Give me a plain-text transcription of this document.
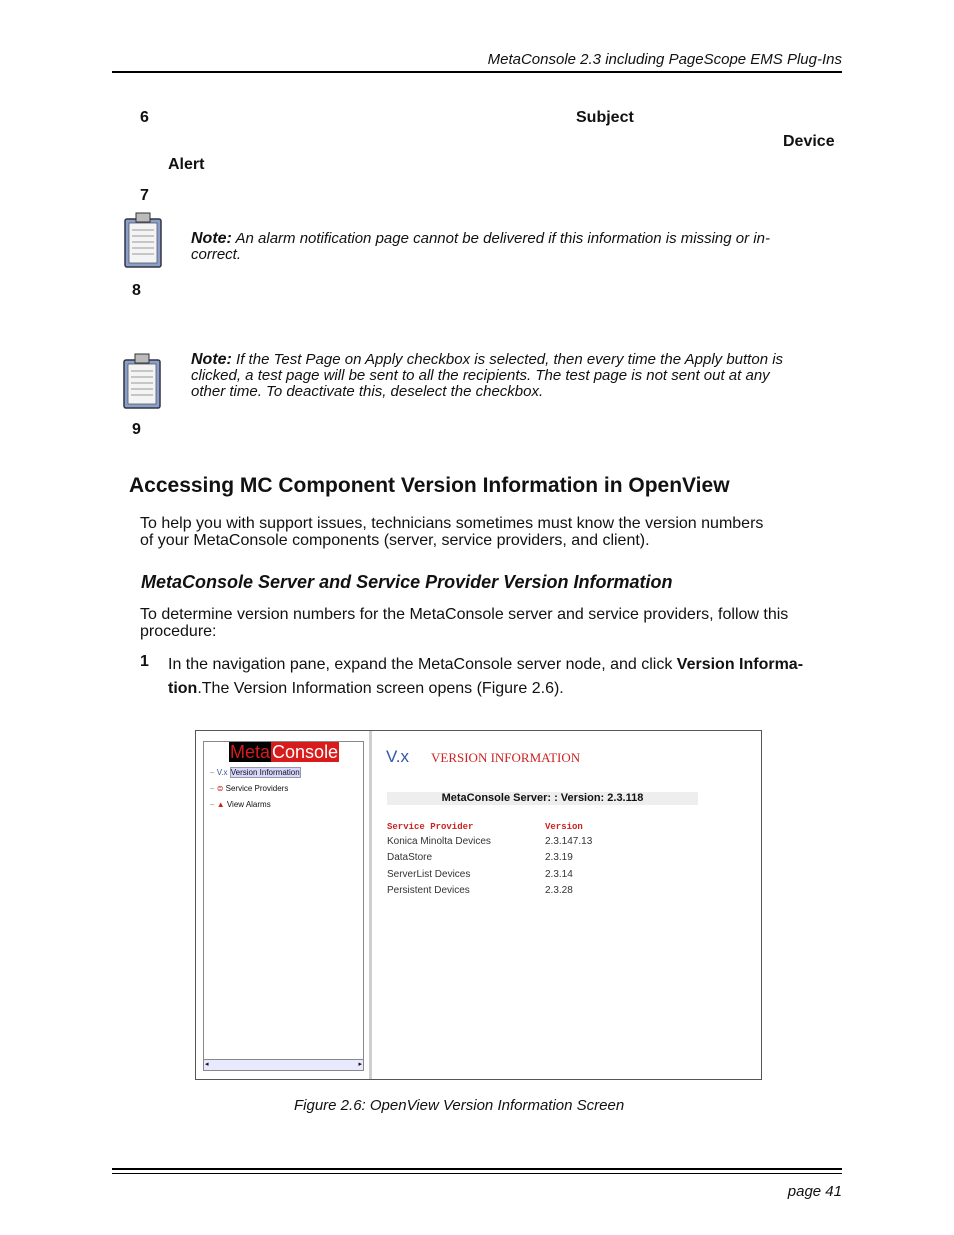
MetaConsole 2.3 including PageScope EMS Plug-Ins
6	Subject
Device
Alert
7
Note: An alarm notification page cannot be delivered if this information is missing or in-
correct.
8
Note: If the Test Page on Apply checkbox is selected, then every time the Apply button is
clicked, a test page will be sent to all the recipients. The test page is not sent out at any
other time. To deactivate this, deselect the checkbox.
9
Accessing MC Component Version Information in OpenView
To help you with support issues, technicians sometimes must know the version numbers
of your MetaConsole components (server, service providers, and client).
MetaConsole Server and Service Provider Version Information
To determine version numbers for the MetaConsole server and service providers, follow this
procedure:
1 In the navigation pane, expand the MetaConsole server node, and click Version Informa-
tion.The Version Information screen opens (Figure 2.6).
Meta Console
– V.x Version Information
– ⊜ Service Providers
– ▲ View Alarms
◂	▸
V.x VERSION INFORMATION
MetaConsole Server: : Version: 2.3.118
Service Provider	Version
Konica Minolta Devices	2.3.147.13
DataStore	2.3.19
ServerList Devices	2.3.14
Persistent Devices	2.3.28
Figure 2.6: OpenView Version Information Screen
page 41
